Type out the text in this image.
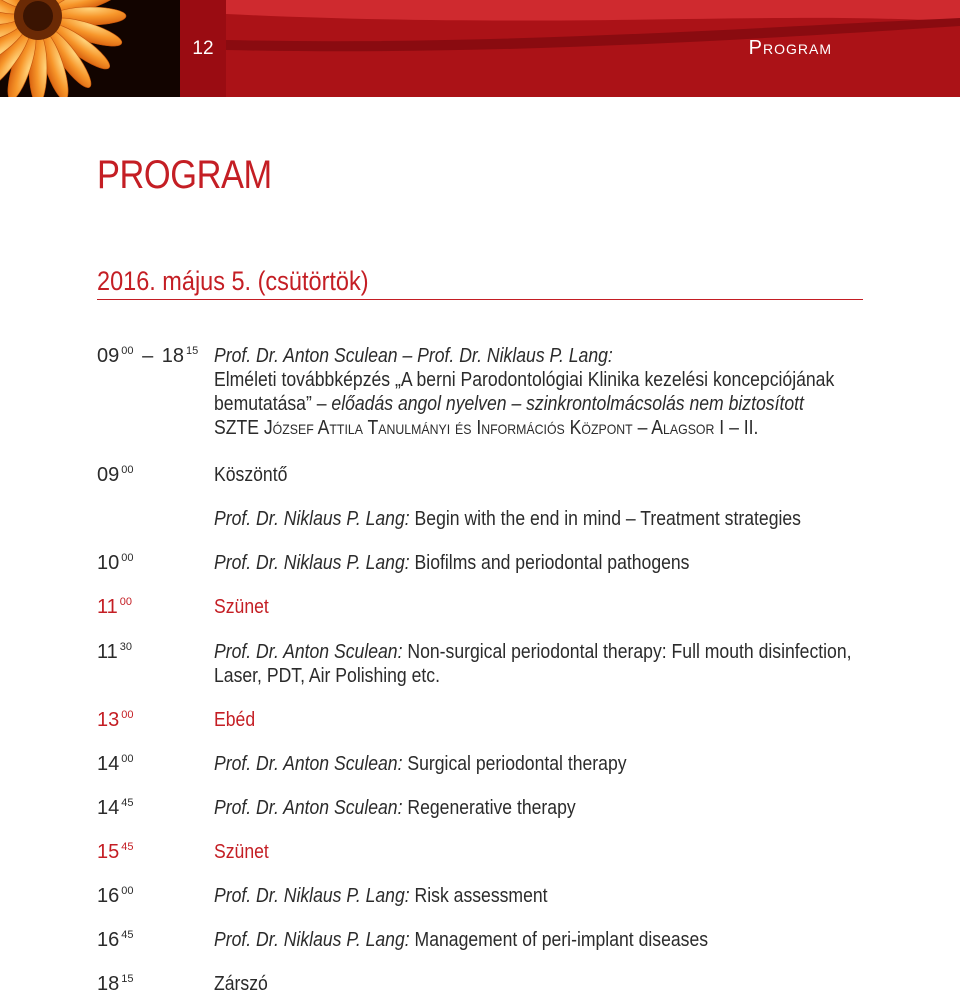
12	Program
PROGRAM
2016. május 5. (csütörtök)
09 $^{00}$ – 18 $^{15}$ Prof. Dr. Anton Sculean – Prof. Dr. Niklaus P. Lang:
Elméleti továbbképzés „A berni Parodontológiai Klinika kezelési koncepciójának
bemutatása” – előadás angol nyelven – szinkrontolmácsolás nem biztosított
SZTE József Attila Tanulmányi és Információs Központ – Alagsor I – II.
09 $^{00}$	Köszöntő
Prof. Dr. Niklaus P. Lang: Begin with the end in mind – Treatment strategies
10 $^{00}$	Prof. Dr. Niklaus P. Lang: Biofilms and periodontal pathogens
11 $^{00}$	Szünet
11 $^{30}$	Prof. Dr. Anton Sculean: Non-surgical periodontal therapy: Full mouth disinfection,
Laser, PDT, Air Polishing etc.
13 $^{00}$	Ebéd
14 $^{00}$	Prof. Dr. Anton Sculean: Surgical periodontal therapy
14 $^{45}$	Prof. Dr. Anton Sculean: Regenerative therapy
15 $^{45}$	Szünet
16 $^{00}$	Prof. Dr. Niklaus P. Lang: Risk assessment
16 $^{45}$	Prof. Dr. Niklaus P. Lang: Management of peri-implant diseases
18 $^{15}$	Zárszó
